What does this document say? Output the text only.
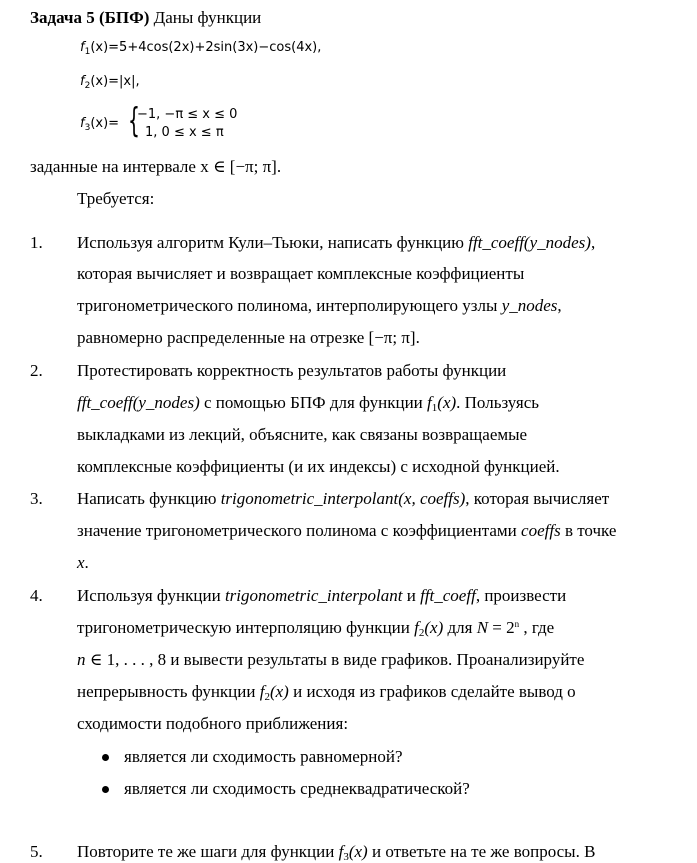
Задача 5 (БПФ) Даны функции
$f_1(x)=5+4\cos(2x)+2\sin(3x)-\cos(4x)$,
$f_2(x)=|x|$,
$f_3(x)=$ {
−1, −π ≤ x ≤ 0
1, 0 ≤ x ≤ π
заданные на интервале x ∈ [−π; π].
Требуется:
1. Используя алгоритм Кули–Тьюки, написать функцию fft_coeff(y_nodes),
которая вычисляет и возвращает комплексные коэффициенты
тригонометрического полинома, интерполирующего узлы y_nodes,
равномерно распределенные на отрезке [−π; π].
2. Протестировать корректность результатов работы функции
fft_coeff(y_nodes) с помощью БПФ для функции $f_1(x)$. Пользуясь
выкладками из лекций, объясните, как связаны возвращаемые
комплексные коэффициенты (и их индексы) с исходной функцией.
3. Написать функцию trigonometric_interpolant(x, coeffs), которая вычисляет
значение тригонометрического полинома с коэффициентами coeffs в точке
x.
4. Используя функции trigonometric_interpolant и fft_coeff, произвести
тригонометрическую интерполяцию функции $f_2(x)$ для $N = 2^n$ , где
n ∈ 1, . . . , 8 и вывести результаты в виде графиков. Проанализируйте
непрерывность функции $f_2(x)$ и исходя из графиков сделайте вывод о
сходимости подобного приближения:
является ли сходимость равномерной?
является ли сходимость среднеквадратической?
5. Повторите те же шаги для функции $f_3(x)$ и ответьте на те же вопросы. В
